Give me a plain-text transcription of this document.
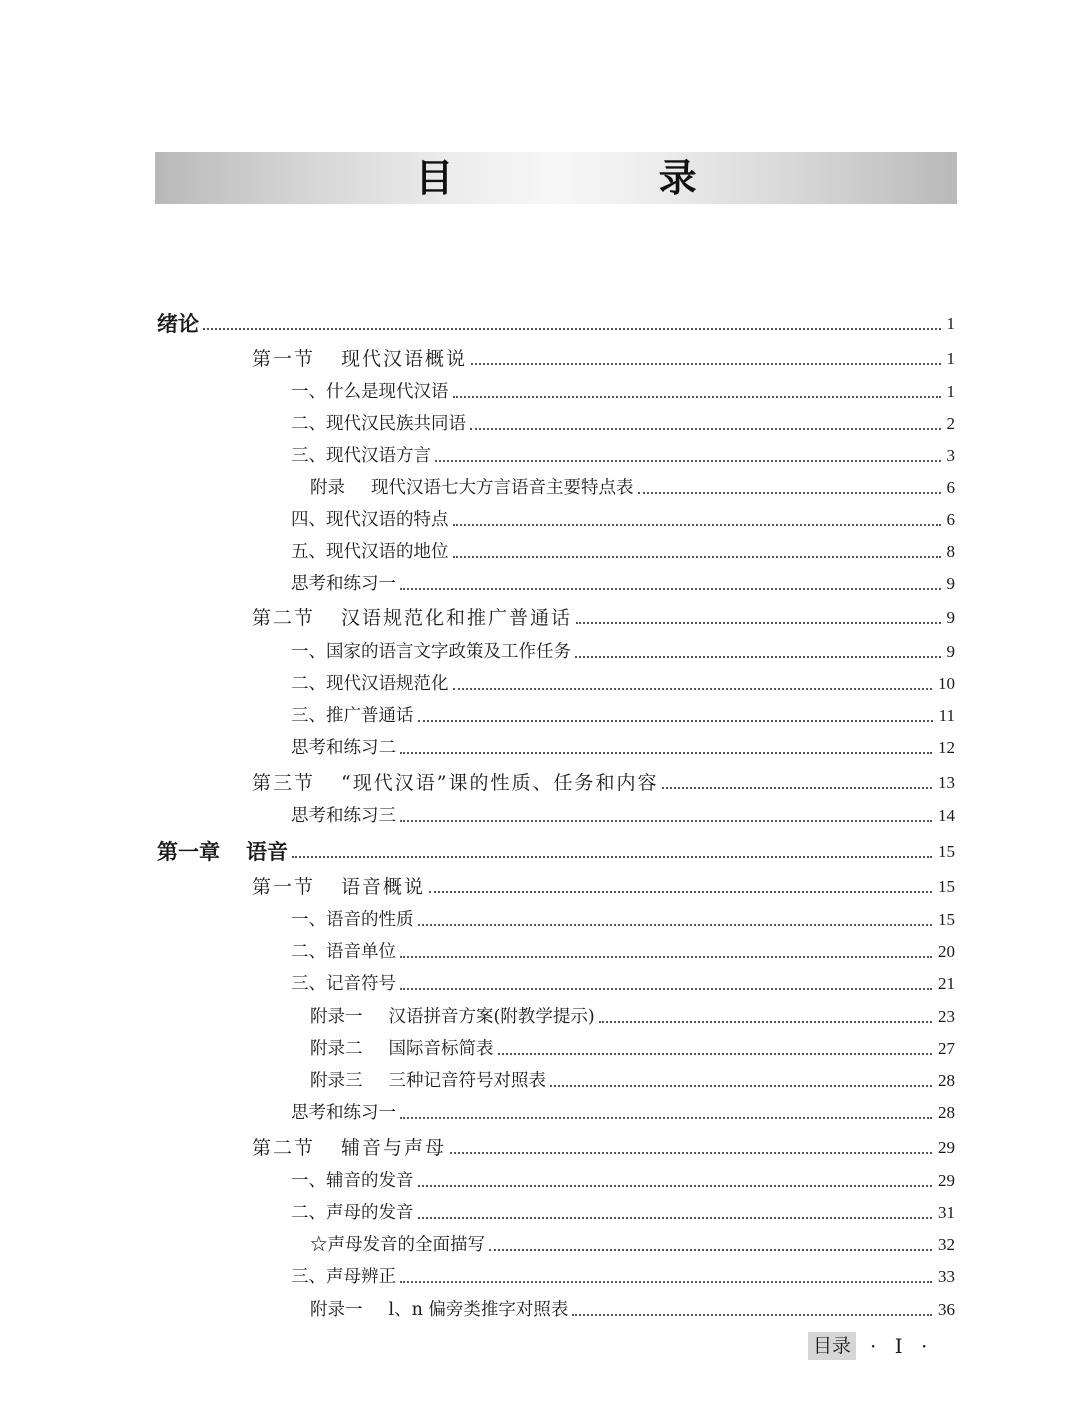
目 录
绪论	1
第一节 现代汉语概说	1
一、什么是现代汉语	1
二、现代汉民族共同语	2
三、现代汉语方言	3
附录 现代汉语七大方言语音主要特点表	6
四、现代汉语的特点	6
五、现代汉语的地位	8
思考和练习一	9
第二节 汉语规范化和推广普通话	9
一、国家的语言文字政策及工作任务	9
二、现代汉语规范化	10
三、推广普通话	11
思考和练习二	12
第三节 “现代汉语”课的性质、任务和内容	13
思考和练习三	14
第一章 语音	15
第一节 语音概说	15
一、语音的性质	15
二、语音单位	20
三、记音符号	21
附录一 汉语拼音方案(附教学提示)	23
附录二 国际音标简表	27
附录三 三种记音符号对照表	28
思考和练习一	28
第二节 辅音与声母	29
一、辅音的发音	29
二、声母的发音	31
☆声母发音的全面描写	32
三、声母辨正	33
附录一 l、n 偏旁类推字对照表	36
目录 · I ·
